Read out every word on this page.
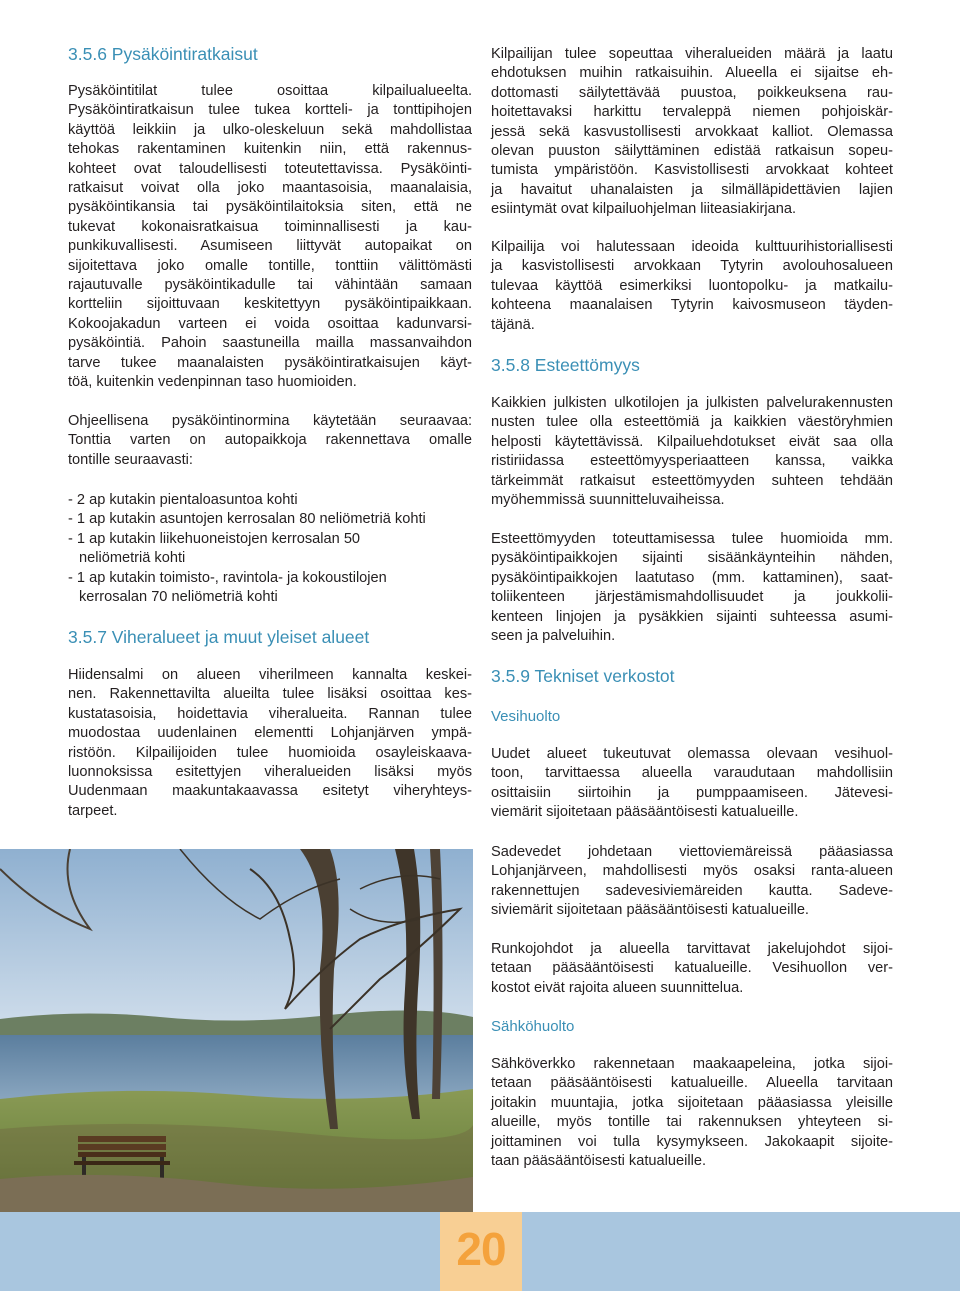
3.5.6 Pysäköintiratkaisut
Pysäköintitilat tulee osoittaa kilpailualueelta.
Pysäköintiratkaisun tulee tukea kortteli- ja tonttipihojen
käyttöä leikkiin ja ulko-oleskeluun sekä mahdollistaa
tehokas rakentaminen kuitenkin niin, että rakennus-
kohteet ovat taloudellisesti toteutettavissa. Pysäköinti-
ratkaisut voivat olla joko maantasoisia, maanalaisia,
pysäköintikansia tai pysäköintilaitoksia siten, että ne
tukevat kokonaisratkaisua toiminnallisesti ja kau-
punkikuvallisesti. Asumiseen liittyvät autopaikat on
sijoitettava joko omalle tontille, tonttiin välittömästi
rajautuvalle pysäköintikadulle tai vähintään samaan
kortteliin sijoittuvaan keskitettyyn pysäköintipaikkaan.
Kokoojakadun varteen ei voida osoittaa kadunvarsi-
pysäköintiä. Pahoin saastuneilla mailla massanvaihdon
tarve tukee maanalaisten pysäköintiratkaisujen käyt-
töä, kuitenkin vedenpinnan taso huomioiden.
Ohjeellisena pysäköintinormina käytetään seuraavaa:
Tonttia varten on autopaikkoja rakennettava omalle
tontille seuraavasti:
- 2 ap kutakin pientaloasuntoa kohti
- 1 ap kutakin asuntojen kerrosalan 80 neliömetriä kohti
- 1 ap kutakin liikehuoneistojen kerrosalan 50
neliömetriä kohti
- 1 ap kutakin toimisto-, ravintola- ja kokoustilojen
kerrosalan 70 neliömetriä kohti
3.5.7 Viheralueet ja muut yleiset alueet
Hiidensalmi on alueen viherilmeen kannalta keskei-
nen. Rakennettavilta alueilta tulee lisäksi osoittaa kes-
kustatasoisia, hoidettavia viheralueita. Rannan tulee
muodostaa uudenlainen elementti Lohjanjärven ympä-
ristöön. Kilpailijoiden tulee huomioida osayleiskaava-
luonnoksissa esitettyjen viheralueiden lisäksi myös
Uudenmaan maakuntakaavassa esitetyt viheryhteys-
tarpeet.
Kilpailijan tulee sopeuttaa viheralueiden määrä ja laatu
ehdotuksen muihin ratkaisuihin. Alueella ei sijaitse eh-
dottomasti säilytettävää puustoa, poikkeuksena rau-
hoitettavaksi harkittu tervaleppä niemen pohjoiskär-
jessä sekä kasvustollisesti arvokkaat kalliot. Olemassa
olevan puuston säilyttäminen edistää ratkaisun sopeu-
tumista ympäristöön. Kasvistollisesti arvokkaat kohteet
ja havaitut uhanalaisten ja silmälläpidettävien lajien
esiintymät ovat kilpailuohjelman liiteasiakirjana.
Kilpailija voi halutessaan ideoida kulttuurihistoriallisesti
ja kasvistollisesti arvokkaan Tytyrin avolouhosalueen
tulevaa käyttöä esimerkiksi luontopolku- ja matkailu-
kohteena maanalaisen Tytyrin kaivosmuseon täyden-
täjänä.
3.5.8 Esteettömyys
Kaikkien julkisten ulkotilojen ja julkisten palvelurakennusten
nusten tulee olla esteettömiä ja kaikkien väestöryhmien
helposti käytettävissä. Kilpailuehdotukset eivät saa olla
ristiriidassa esteettömyysperiaatteen kanssa, vaikka
tärkeimmät ratkaisut esteettömyyden suhteen tehdään
myöhemmissä suunnitteluvaiheissa.
Esteettömyyden toteuttamisessa tulee huomioida mm.
pysäköintipaikkojen sijainti sisäänkäynteihin nähden,
pysäköintipaikkojen laatutaso (mm. kattaminen), saat-
toliikenteen järjestämismahdollisuudet ja joukkolii-
kenteen linjojen ja pysäkkien sijainti suhteessa asumi-
seen ja palveluihin.
3.5.9 Tekniset verkostot
Vesihuolto
Uudet alueet tukeutuvat olemassa olevaan vesihuol-
toon, tarvittaessa alueella varaudutaan mahdollisiin
osittaisiin siirtoihin ja pumppaamiseen. Jätevesi-
viemärit sijoitetaan pääsääntöisesti katualueille.
Sadevedet johdetaan viettoviemäreissä pääasiassa
Lohjanjärveen, mahdollisesti myös osaksi ranta-alueen
rakennettujen sadevesiviemäreiden kautta. Sadeve-
siviemärit sijoitetaan pääsääntöisesti katualueille.
Runkojohdot ja alueella tarvittavat jakelujohdot sijoi-
tetaan pääsääntöisesti katualueille. Vesihuollon ver-
kostot eivät rajoita alueen suunnittelua.
Sähköhuolto
Sähköverkko rakennetaan maakaapeleina, jotka sijoi-
tetaan pääsääntöisesti katualueille. Alueella tarvitaan
joitakin muuntajia, jotka sijoitetaan pääasiassa yleisille
alueille, myös tontille tai rakennuksen yhteyteen si-
joittaminen voi tulla kysymykseen. Jakokaapit sijoite-
taan pääsääntöisesti katualueille.
20
